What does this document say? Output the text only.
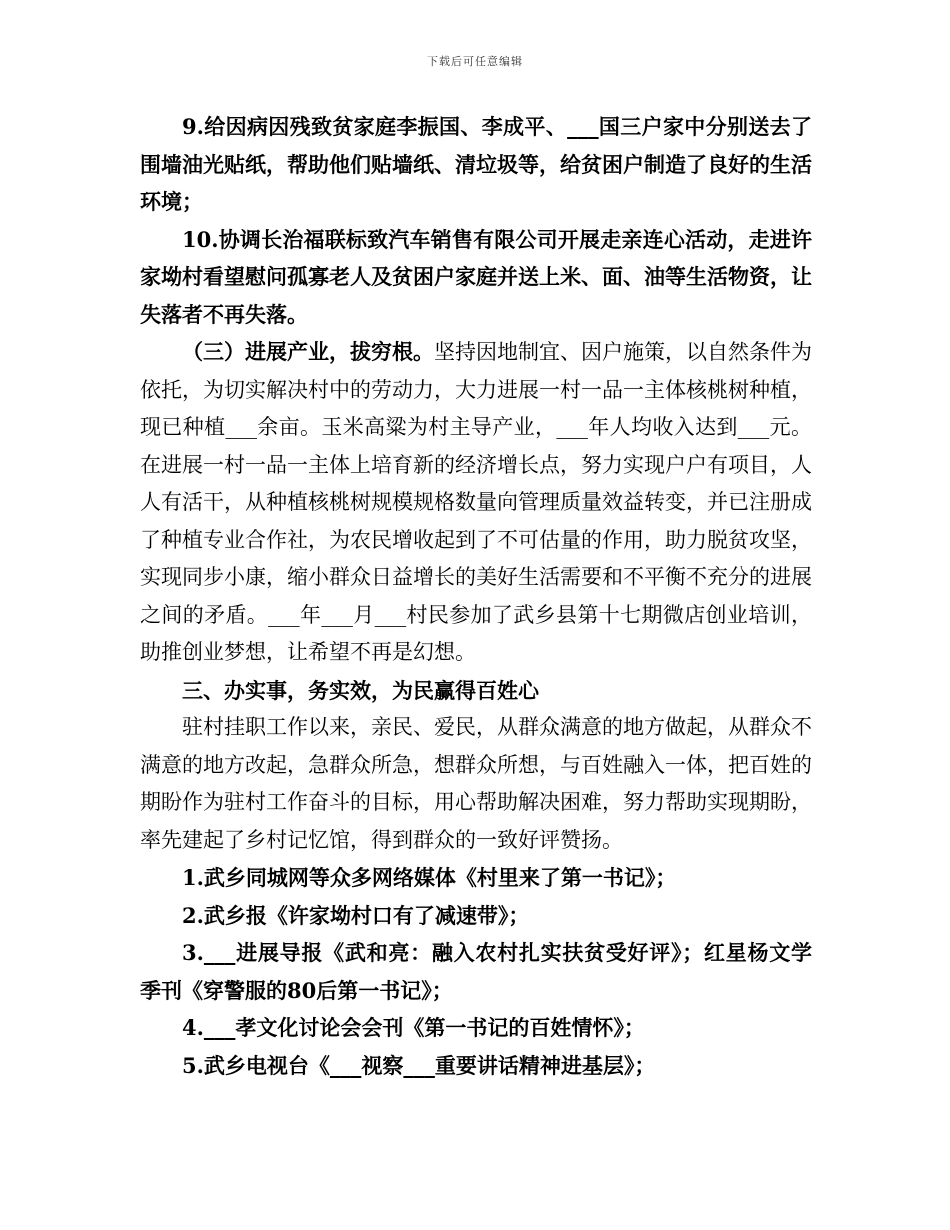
下载后可任意编辑

9.给因病因残致贫家庭李振国、李成平、___国三户家中分别送去了围墙油光贴纸，帮助他们贴墙纸、清垃圾等，给贫困户制造了良好的生活环境；

10.协调长治福联标致汽车销售有限公司开展走亲连心活动，走进许家坳村看望慰问孤寡老人及贫困户家庭并送上米、面、油等生活物资，让失落者不再失落。

（三）进展产业，拔穷根。坚持因地制宜、因户施策，以自然条件为依托，为切实解决村中的劳动力，大力进展一村一品一主体核桃树种植，现已种植___余亩。玉米高粱为村主导产业，___年人均收入达到___元。在进展一村一品一主体上培育新的经济增长点，努力实现户户有项目，人人有活干，从种植核桃树规模规格数量向管理质量效益转变，并已注册成了种植专业合作社，为农民增收起到了不可估量的作用，助力脱贫攻坚，实现同步小康，缩小群众日益增长的美好生活需要和不平衡不充分的进展之间的矛盾。___年___月___村民参加了武乡县第十七期微店创业培训，助推创业梦想，让希望不再是幻想。

三、办实事，务实效，为民赢得百姓心

驻村挂职工作以来，亲民、爱民，从群众满意的地方做起，从群众不满意的地方改起，急群众所急，想群众所想，与百姓融入一体，把百姓的期盼作为驻村工作奋斗的目标，用心帮助解决困难，努力帮助实现期盼，率先建起了乡村记忆馆，得到群众的一致好评赞扬。

1.武乡同城网等众多网络媒体《村里来了第一书记》；

2.武乡报《许家坳村口有了减速带》；

3.___进展导报《武和亮：融入农村扎实扶贫受好评》；红星杨文学季刊《穿警服的80后第一书记》；

4.___孝文化讨论会会刊《第一书记的百姓情怀》；

5.武乡电视台《___视察___重要讲话精神进基层》；
